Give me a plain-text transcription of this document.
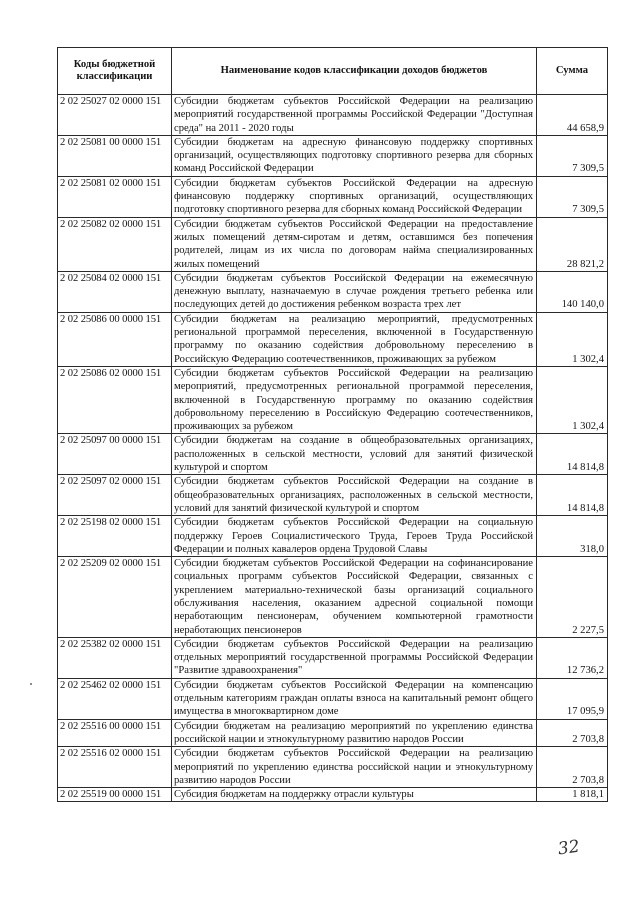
Коды бюджетной классификации	Наименование кодов классификации доходов бюджетов	Сумма
2 02 25027 02 0000 151	Субсидии бюджетам субъектов Российской Федерации на реализацию мероприятий государственной программы Российской Федерации "Доступная среда" на 2011 - 2020 годы	44 658,9
2 02 25081 00 0000 151	Субсидии бюджетам на адресную финансовую поддержку спортивных организаций, осуществляющих подготовку спортивного резерва для сборных команд Российской Федерации	7 309,5
2 02 25081 02 0000 151	Субсидии бюджетам субъектов Российской Федерации на адресную финансовую поддержку спортивных организаций, осуществляющих подготовку спортивного резерва для сборных команд Российской Федерации	7 309,5
2 02 25082 02 0000 151	Субсидии бюджетам субъектов Российской Федерации на предоставление жилых помещений детям-сиротам и детям, оставшимся без попечения родителей, лицам из их числа по договорам найма специализированных жилых помещений	28 821,2
2 02 25084 02 0000 151	Субсидии бюджетам субъектов Российской Федерации на ежемесячную денежную выплату, назначаемую в случае рождения третьего ребенка или последующих детей до достижения ребенком возраста трех лет	140 140,0
2 02 25086 00 0000 151	Субсидии бюджетам на реализацию мероприятий, предусмотренных региональной программой переселения, включенной в Государственную программу по оказанию содействия добровольному переселению в Российскую Федерацию соотечественников, проживающих за рубежом	1 302,4
2 02 25086 02 0000 151	Субсидии бюджетам субъектов Российской Федерации на реализацию мероприятий, предусмотренных региональной программой переселения, включенной в Государственную программу по оказанию содействия добровольному переселению в Российскую Федерацию соотечественников, проживающих за рубежом	1 302,4
2 02 25097 00 0000 151	Субсидии бюджетам на создание в общеобразовательных организациях, расположенных в сельской местности, условий для занятий физической культурой и спортом	14 814,8
2 02 25097 02 0000 151	Субсидии бюджетам субъектов Российской Федерации на создание в общеобразовательных организациях, расположенных в сельской местности, условий для занятий физической культурой и спортом	14 814,8
2 02 25198 02 0000 151	Субсидии бюджетам субъектов Российской Федерации на социальную поддержку Героев Социалистического Труда, Героев Труда Российской Федерации и полных кавалеров ордена Трудовой Славы	318,0
2 02 25209 02 0000 151	Субсидии бюджетам субъектов Российской Федерации на софинансирование социальных программ субъектов Российской Федерации, связанных с укреплением материально-технической базы организаций социального обслуживания населения, оказанием адресной социальной помощи неработающим пенсионерам, обучением компьютерной грамотности неработающих пенсионеров	2 227,5
2 02 25382 02 0000 151	Субсидии бюджетам субъектов Российской Федерации на реализацию отдельных мероприятий государственной программы Российской Федерации "Развитие здравоохранения"	12 736,2
2 02 25462 02 0000 151	Субсидии бюджетам субъектов Российской Федерации на компенсацию отдельным категориям граждан оплаты взноса на капитальный ремонт общего имущества в многоквартирном доме	17 095,9
2 02 25516 00 0000 151	Субсидии бюджетам на реализацию мероприятий по укреплению единства российской нации и этнокультурному развитию народов России	2 703,8
2 02 25516 02 0000 151	Субсидии бюджетам субъектов Российской Федерации на реализацию мероприятий по укреплению единства российской нации и этнокультурному развитию народов России	2 703,8
2 02 25519 00 0000 151	Субсидия бюджетам на поддержку отрасли культуры	1 818,1
32
